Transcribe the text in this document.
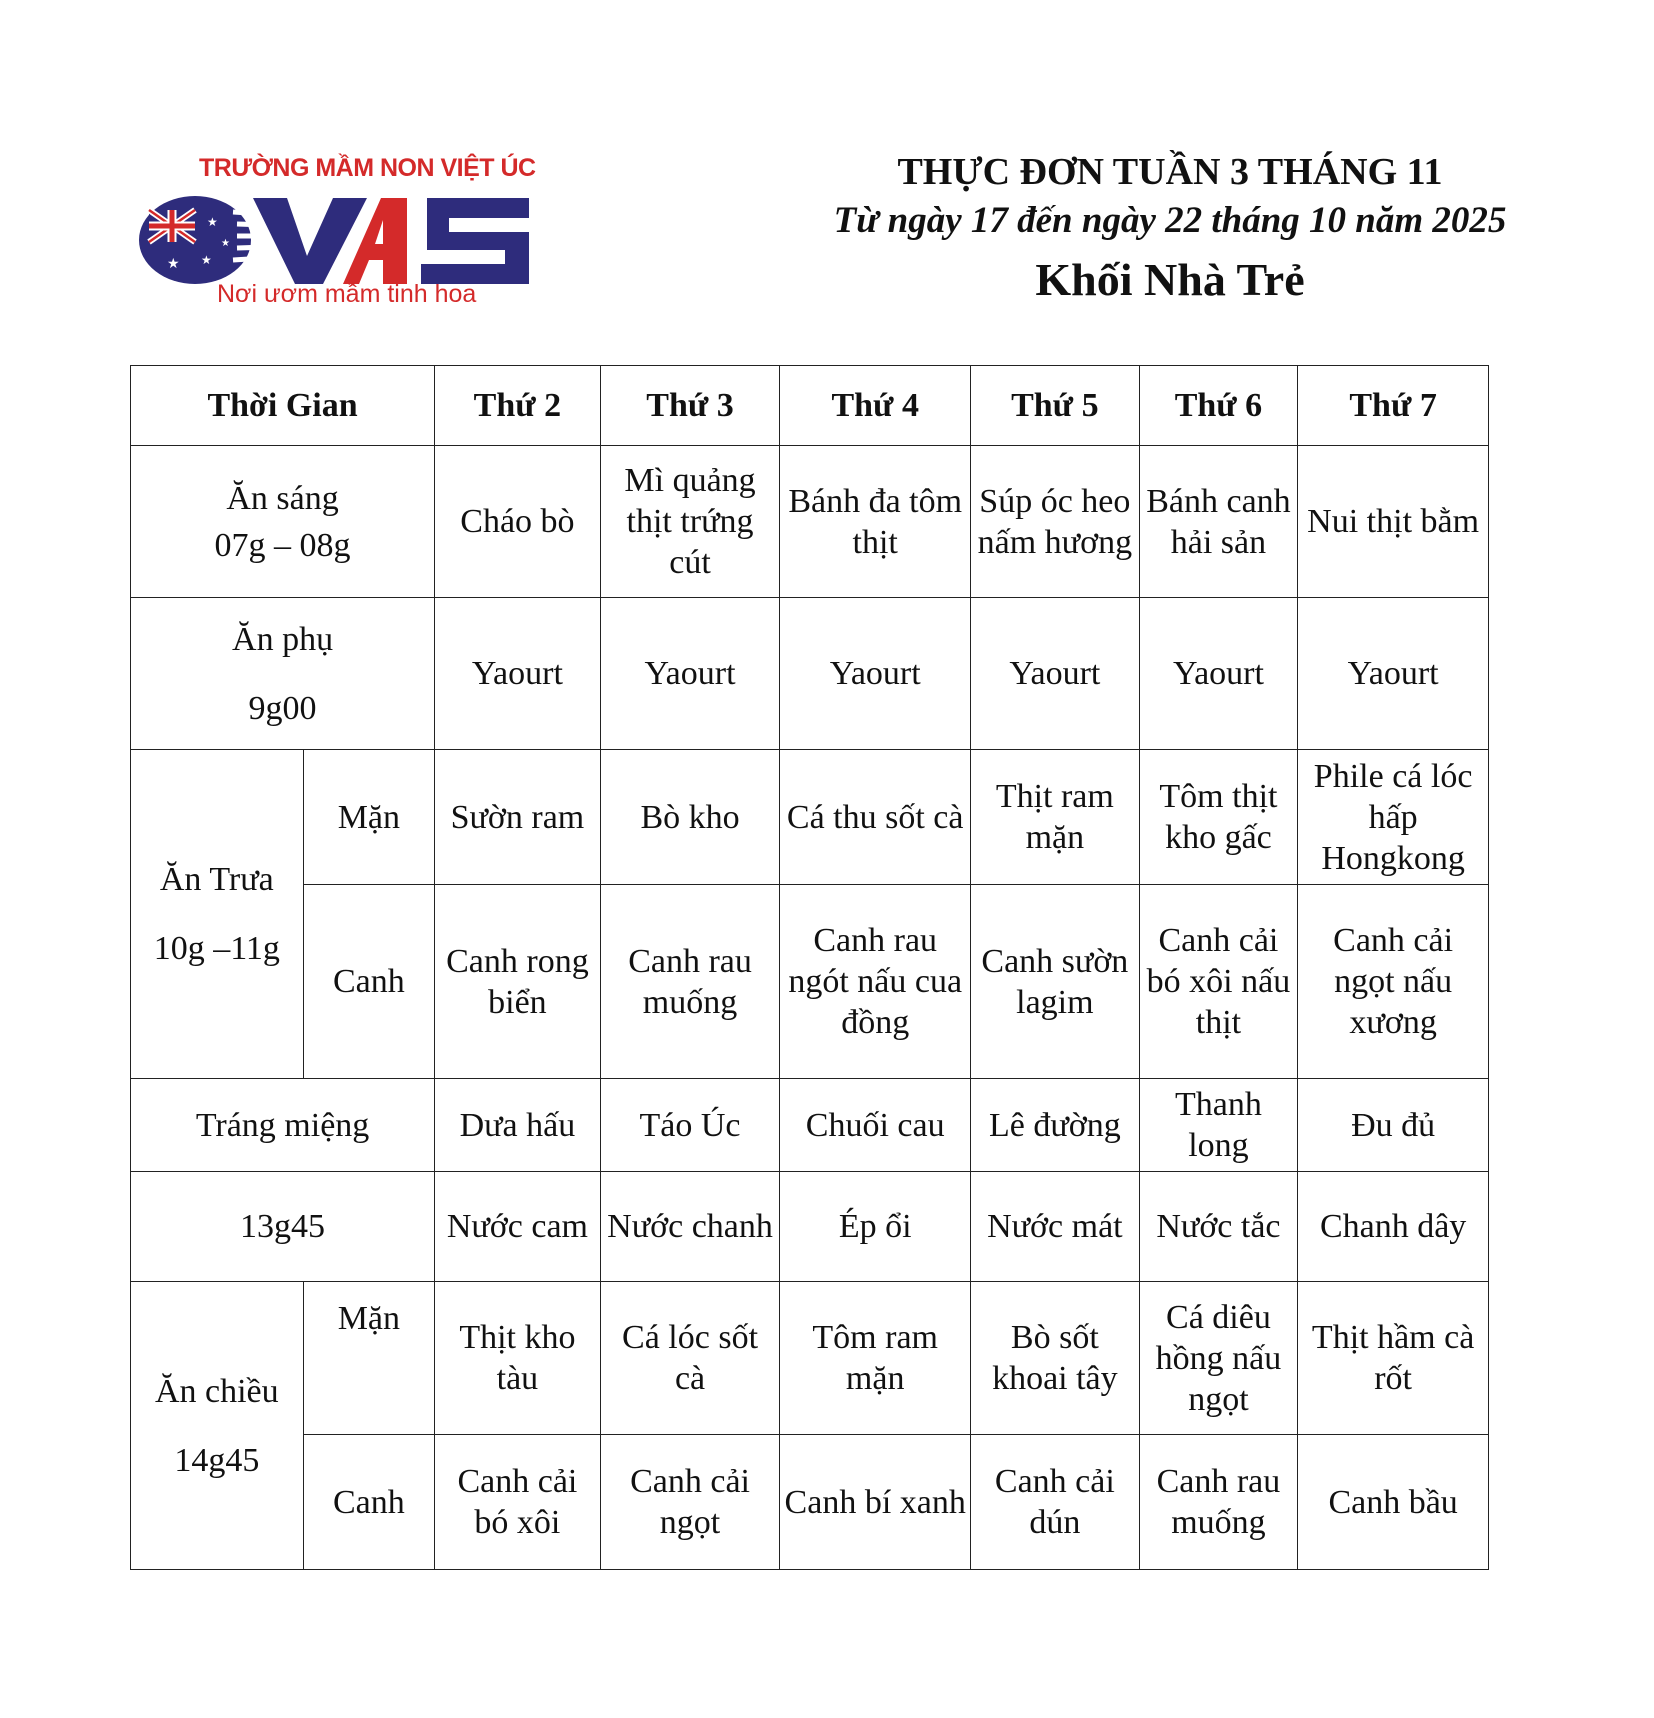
TRƯỜNG MẦM NON VIỆT ÚC
★
★
★
★
Nơi ươm mầm tinh hoa
THỰC ĐƠN TUẦN 3 THÁNG 11
Từ ngày 17 đến ngày 22 tháng 10 năm 2025
Khối Nhà Trẻ
Thời Gian		Thứ 2	Thứ 3	Thứ 4	Thứ 5	Thứ 6	Thứ 7

Ăn sáng
07g – 08g		Cháo bò	Mì quảng thịt trứng cút	Bánh đa tôm thịt	Súp óc heo nấm hương	Bánh canh hải sản	Nui thịt bằm

Ăn phụ
9g00		Yaourt	Yaourt	Yaourt	Yaourt	Yaourt	Yaourt

Ăn Trưa
10g –11g	Mặn	Sườn ram	Bò kho	Cá thu sốt cà	Thịt ram mặn	Tôm thịt kho gấc	Phile cá lóc hấp Hongkong
	Canh	Canh rong biển	Canh rau muống	Canh rau ngót nấu cua đồng	Canh sườn lagim	Canh cải bó xôi nấu thịt	Canh cải ngọt nấu xương
Tráng miệng		Dưa hấu	Táo Úc	Chuối cau	Lê đường	Thanh long	Đu đủ
13g45		Nước cam	Nước chanh	Ép ổi	Nước mát	Nước tắc	Chanh dây

Ăn chiều
14g45	Mặn	Thịt kho tàu	Cá lóc sốt cà	Tôm ram mặn	Bò sốt khoai tây	Cá diêu hồng nấu ngọt	Thịt hầm cà rốt
	Canh	Canh cải bó xôi	Canh cải ngọt	Canh bí xanh	Canh cải dún	Canh rau muống	Canh bầu
